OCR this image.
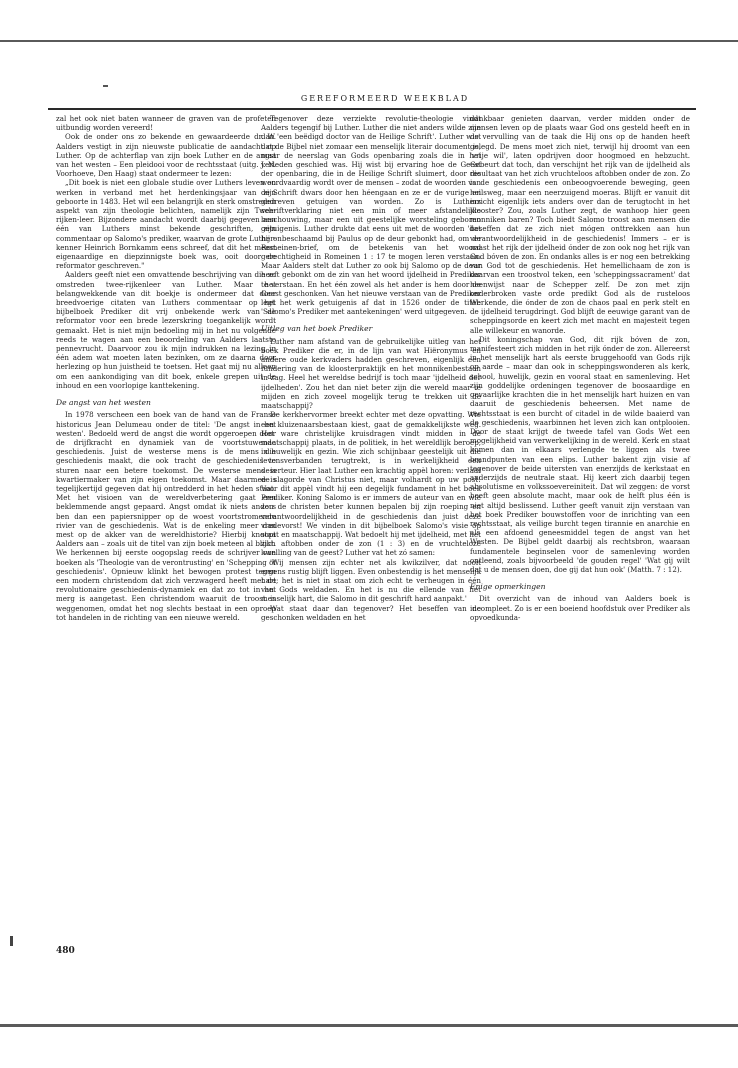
GEREFORMEERD WEEKBLAD

zal het ook niet baten wanneer de graven van de profeten uitbundig worden vereerd!

Ook de onder ons zo bekende en gewaardeerde dr. W. Aalders vestigt in zijn nieuwste publicatie de aandacht op Luther. Op de achterflap van zijn boek Luther en de angst van het westen – Een pleidooi voor de rechtsstaat (uitg. J. N. Voorhoeve, Den Haag) staat ondermeer te lezen:

„Dit boek is niet een globale studie over Luthers leven en werken in verband met het herdenkingsjaar van zijn geboorte in 1483. Het wil een belangrijk en sterk omstreden aspekt van zijn theologie belichten, namelijk zijn Twee-rijken-leer. Bijzondere aandacht wordt daarbij gegeven aan één van Luthers minst bekende geschriften, zijn commentaar op Salomo's prediker, waarvan de grote Luther-kenner Heinrich Bornkamm eens schreef, dat dit het meest eigenaardige en diepzinnigste boek was, ooit door de reformator geschreven."

Aalders geeft niet een omvattende beschrijving van die zo omstreden twee-rijkenleer van Luther. Maar het belangwekkende van dit boekje is ondermeer dat door breedvoerige citaten van Luthers commentaar op het bijbelboek Prediker dit vrij onbekende werk van de reformator voor een brede lezerskring toegankelijk wordt gemaakt. Het is niet mijn bedoeling mij in het nu volgende reeds te wagen aan een beoordeling van Aalders laatste pennevrucht. Daarvoor zou ik mijn indrukken na lezing in één adem wat moeten laten bezinken, om ze daarna door herlezing op hun juistheid te toetsen. Het gaat mij nu alleen om een aankondiging van dit boek, enkele grepen uit de inhoud en een voorlopige kanttekening.

De angst van het westen

In 1978 verscheen een boek van de hand van de Franse historicus Jean Delumeau onder de titel: 'De angst in het westen'. Bedoeld werd de angst die wordt opgeroepen door de drijfkracht en dynamiek van de voortstuwende geschiedenis. Juist de westerse mens is de mens die geschiedenis maakt, die ook tracht de geschiedenis te sturen naar een betere toekomst. De westerse mens is kwartiermaker van zijn eigen toekomst. Maar daarmee is tegelijkertijd gegeven dat hij ontredderd in het heden staat. Met het visioen van de wereldverbetering gaat een beklemmende angst gepaard. Angst omdat ik niets anders ben dan een papiersnipper op de woest voortstromende rivier van de geschiedenis. Wat is de enkeling meer dan mest op de akker van de wereldhistorie? Hierbij knoopt Aalders aan – zoals uit de titel van zijn boek meteen al blijkt. We herkennen bij eerste oogopslag reeds de schrijver van boeken als 'Theologie van de verontrusting' en 'Schepping of geschiedenis'. Opnieuw klinkt het bewogen protest tegen een modern christendom dat zich verzwagerd heeft met de revolutionaire geschiedenis-dynamiek en dat zo tot in het merg is aangetast. Een christendom waaruit de troost is weggenomen, omdat het nog slechts bestaat in een oproep tot handelen in de richting van een nieuwe wereld.

Tegenover deze verziekte revolutie-theologie vindt Aalders tegengif bij Luther. Luther die niet anders wilde zijn dan 'een beëdigd doctor van de Heilige Schrift'. Luther wist dat de Bijbel niet zomaar een menselijk literair document is, maar de neerslag van Gods openbaring zoals die in het verleden geschied was. Hij wist bij ervaring hoe de Geest der openbaring, die in de Heilige Schrift sluimert, door die woordvaardig wordt over de mensen – zodat de woorden van de Schrift dwars door hen héengaan en ze er de vurige en gedreven getuigen van worden. Zo is Luthers schriftverklaring niet een min of meer afstandelijke beschouwing, maar een uit geestelijke worsteling geboren getuigenis. Luther drukte dat eens uit met de woorden 'dat hij onbeschaamd bij Paulus op de deur gebonkt had, om de Romeinen-brief, om de betekenis van het woord gerechtigheid in Romeinen 1 : 17 te mogen leren verstaan. Maar Aalders stelt dat Luther zo ook bij Salomo op de deur heeft gebonkt om de zin van het woord ijdelheid in Prediker te verstaan. En het één zowel als het ander is hem door de Geest geschonken. Van het nieuwe verstaan van de Prediker legt het werk getuigenis af dat in 1526 onder de titel: 'Salomo's Prediker met aantekeningen' werd uitgegeven.

Uitleg van het boek Prediker

Luther nam afstand van de gebruikelijke uitleg van het boek Prediker die er, in de lijn van wat Hiëronymus en andere oude kerkvaders hadden geschreven, eigenlijk een fundering van de kloosterpraktijk en het monnikenbestaan in zag. Heel het wereldse bedrijf is toch maar 'ijdelheid der ijdelheden'. Zou het dan niet beter zijn die wereld maar te mijden en zich zoveel mogelijk terug te trekken uit de maatschappij?

De kerkhervormer breekt echter met deze opvatting. Wie een kluizenaarsbestaan kiest, gaat de gemakkelijkste weg. Het ware christelijke kruisdragen vindt midden in de maatschappij plaats, in de politiek, in het wereldlijk beroep, in huwelijk en gezin. Wie zich schijnbaar geestelijk uit die levensverbanden terugtrekt, is in werkelijkheid een deserteur. Hier laat Luther een krachtig appèl horen: verlaat de slagorde van Christus niet, maar volhardt op uw post! Voor dit appèl vindt hij een degelijk fundament in het boek Prediker. Koning Salomo is er immers de auteur van en wie zou de christen beter kunnen bepalen bij zijn roeping en verantwoordelijkheid in de geschiedenis dan juist deze vredevorst! We vinden in dit bijbelboek Salomo's visie op staat en maatschappij. Wat bedoelt hij met ijdelheid, met het zich aftobben onder de zon (1 : 3) en de vruchteloze kwelling van de geest? Luther vat het zó samen:

'Wij mensen zijn echter net als kwikzilver, dat nooit ergens rustig blijft liggen. Even onbestendig is het menselijk hart; het is niet in staat om zich echt te verheugen in één van Gods weldaden. En het is nu die ellende van het menselijk hart, die Salomo in dit geschrift hard aanpakt.'

Wat staat daar dan tegenover? Het beseffen van de geschonken weldaden en het

dankbaar genieten daarvan, verder midden onder de mensen leven op de plaats waar God ons gesteld heeft en in de vervulling van de taak die Hij ons op de handen heeft gelegd. De mens moet zich niet, terwijl hij droomt van een 'vrije wil', laten opdrijven door hoogmoed en hebzucht. Gebeurt dat toch, dan verschijnt het rijk van de ijdelheid als resultaat van het zich vruchteloos aftobben onder de zon. Zo is de geschiedenis een onbeoogvoerende beweging, geen heilsweg, maar een neerzuigend moeras. Blijft er vanuit dit inzicht eigenlijk iets anders over dan de terugtocht in het klooster? Zou, zoals Luther zegt, de wanhoop hier geen monniken baren? Toch biedt Salomo troost aan mensen die beseffen dat ze zich niet mógen onttrekken aan hun verantwoordelijkheid in de geschiedenis! Immers – er is naast het rijk der ijdelheid ónder de zon ook nog het rijk van God bóven de zon. En ondanks alles is er nog een betrekking van God tot de geschiedenis. Het hemellichaam de zon is daarvan een troostvol teken, een 'scheppingssacrament' dat heenwijst naar de Schepper zelf. De zon met zijn onderbroken vaste orde predikt God als de rusteloos Werkende, die ónder de zon de chaos paal en perk stelt en de ijdelheid terugdringt. God blijft de eeuwige garant van de scheppingsorde en keert zich met macht en majesteit tegen alle willekeur en wanorde.

Dit koningschap van God, dit rijk bóven de zon, manifesteert zich midden in het rijk ónder de zon. Allereerst in het menselijk hart als eerste bruggehoofd van Gods rijk op aarde – maar dan ook in scheppingswonderen als kerk, school, huwelijk, gezin en vooral staat en samenleving. Het zijn goddelijke ordeningen tegenover de boosaardige en gevaarlijke krachten die in het menselijk hart huizen en van daaruit de geschiedenis beheersen. Met name de rechtsstaat is een burcht of citadel in de wilde baaierd van de geschiedenis, waarbinnen het leven zich kan ontplooien. Door de staat krijgt de tweede tafel van Gods Wet een mogelijkheid van verwerkelijking in de wereld. Kerk en staat komen dan in elkaars verlengde te liggen als twee brandpunten van een elips. Luther bakent zijn visie af tegenover de beide uitersten van enerzijds de kerkstaat en anderzijds de neutrale staat. Hij keert zich daarbij tegen absolutisme en volkssoevereiniteit. Dat wil zeggen: de vorst heeft geen absolute macht, maar ook de helft plus één is niet altijd beslissend. Luther geeft vanuit zijn verstaan van het boek Prediker bouwstoffen voor de inrichting van een rechtsstaat, als veilige burcht tegen tirannie en anarchie en als een afdoend geneesmiddel tegen de angst van het Westen. De Bijbel geldt daarbij als rechtsbron, waaraan fundamentele beginselen voor de samenleving worden ontleend, zoals bijvoorbeeld 'de gouden regel' 'Wat gij wilt dat u de mensen doen, doe gij dat hun ook' (Matth. 7 : 12).

Enige opmerkingen

Dit overzicht van de inhoud van Aalders boek is incompleet. Zo is er een boeiend hoofdstuk over Prediker als opvoedkunda-

480
